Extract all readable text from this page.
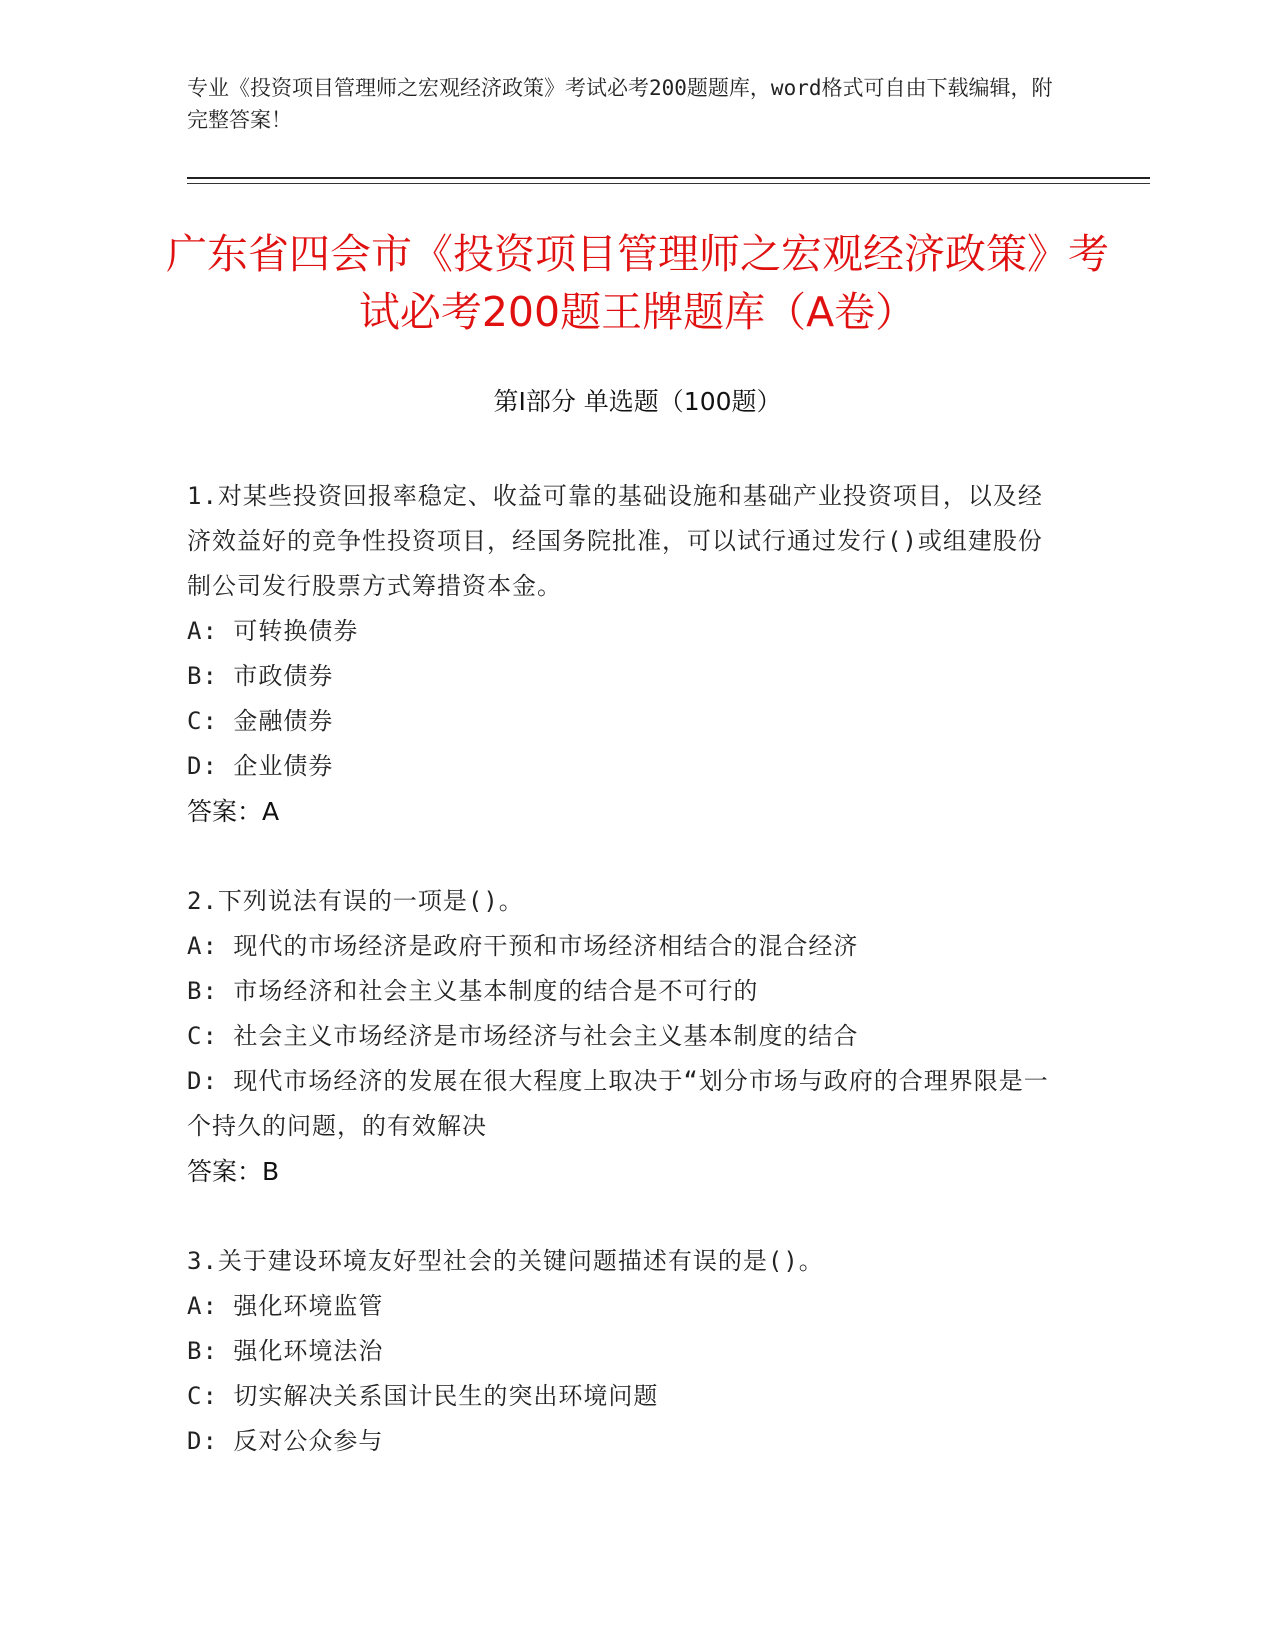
专业《投资项目管理师之宏观经济政策》考试必考200题题库，word格式可自由下载编辑，附完整答案！
广东省四会市《投资项目管理师之宏观经济政策》考试必考200题王牌题库（A卷）
第Ⅰ部分 单选题（100题）

1.对某些投资回报率稳定、收益可靠的基础设施和基础产业投资项目，以及经济效益好的竞争性投资项目，经国务院批准，可以试行通过发行()或组建股份制公司发行股票方式筹措资本金。

A: 可转换债券

B: 市政债券

C: 金融债券

D: 企业债券

答案：A

2.下列说法有误的一项是()。

A: 现代的市场经济是政府干预和市场经济相结合的混合经济

B: 市场经济和社会主义基本制度的结合是不可行的

C: 社会主义市场经济是市场经济与社会主义基本制度的结合

D: 现代市场经济的发展在很大程度上取决于“划分市场与政府的合理界限是一个持久的问题，的有效解决

答案：B

3.关于建设环境友好型社会的关键问题描述有误的是()。

A: 强化环境监管

B: 强化环境法治

C: 切实解决关系国计民生的突出环境问题

D: 反对公众参与
